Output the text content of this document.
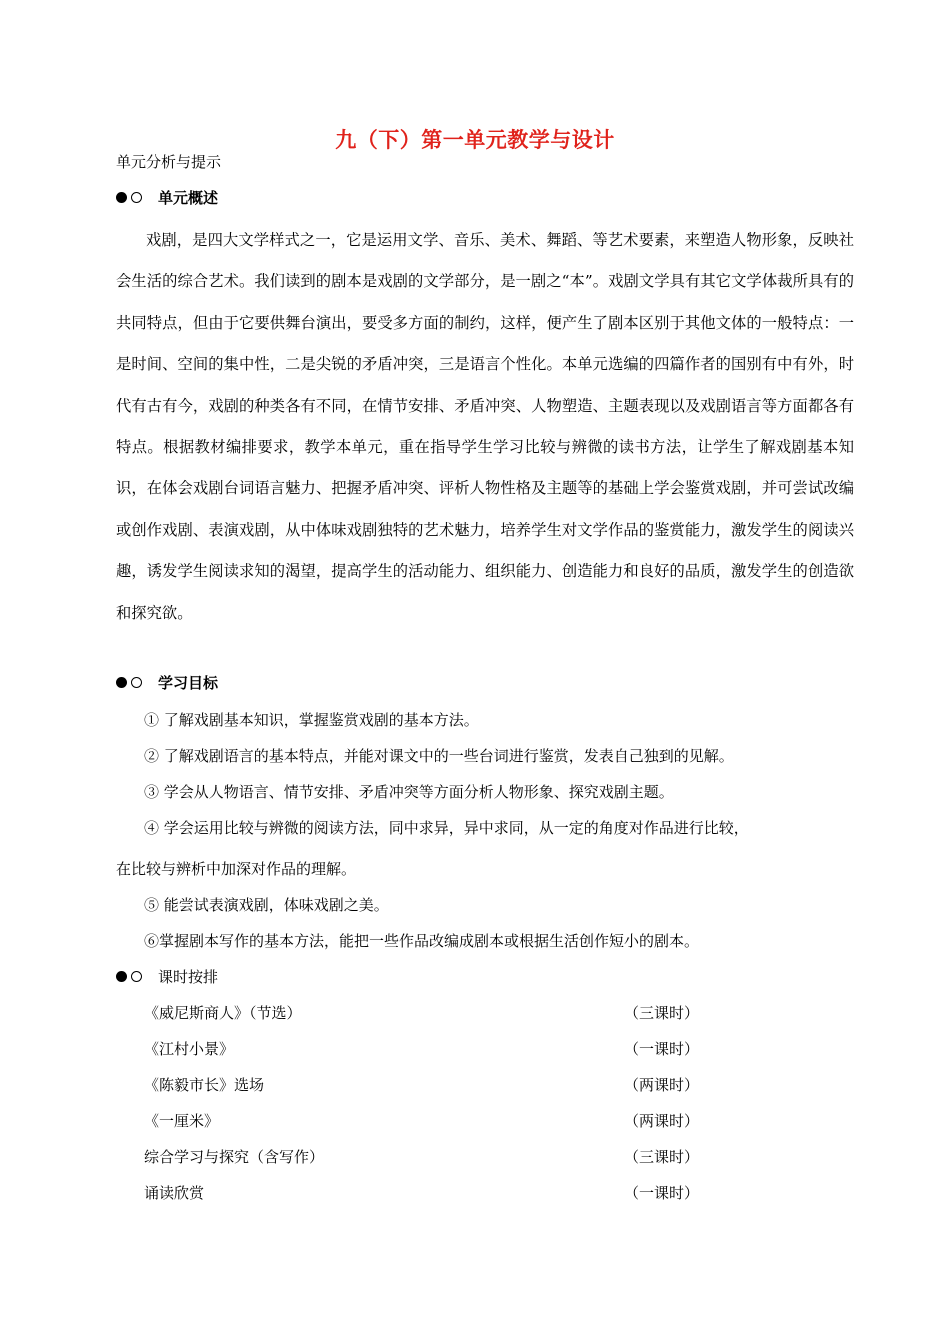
九（下）第一单元教学与设计
单元分析与提示
单元概述

戏剧，是四大文学样式之一，它是运用文学、音乐、美术、舞蹈、等艺术要素，来塑造人物形象，反映社会生活的综合艺术。我们读到的剧本是戏剧的文学部分，是一剧之“本”。戏剧文学具有其它文学体裁所具有的共同特点，但由于它要供舞台演出，要受多方面的制约，这样，便产生了剧本区别于其他文体的一般特点：一是时间、空间的集中性，二是尖锐的矛盾冲突，三是语言个性化。本单元选编的四篇作者的国别有中有外，时代有古有今，戏剧的种类各有不同，在情节安排、矛盾冲突、人物塑造、主题表现以及戏剧语言等方面都各有特点。根据教材编排要求，教学本单元，重在指导学生学习比较与辨微的读书方法，让学生了解戏剧基本知识，在体会戏剧台词语言魅力、把握矛盾冲突、评析人物性格及主题等的基础上学会鉴赏戏剧，并可尝试改编或创作戏剧、表演戏剧，从中体味戏剧独特的艺术魅力，培养学生对文学作品的鉴赏能力，激发学生的阅读兴趣，诱发学生阅读求知的渴望，提高学生的活动能力、组织能力、创造能力和良好的品质，激发学生的创造欲和探究欲。

学习目标

① 了解戏剧基本知识，掌握鉴赏戏剧的基本方法。

② 了解戏剧语言的基本特点，并能对课文中的一些台词进行鉴赏，发表自己独到的见解。

③ 学会从人物语言、情节安排、矛盾冲突等方面分析人物形象、探究戏剧主题。

④ 学会运用比较与辨微的阅读方法，同中求异，异中求同，从一定的角度对作品进行比较，

在比较与辨析中加深对作品的理解。

⑤ 能尝试表演戏剧，体味戏剧之美。

⑥掌握剧本写作的基本方法，能把一些作品改编成剧本或根据生活创作短小的剧本。

课时按排
《威尼斯商人》（节选）	（三课时）
《江村小景》	（一课时）
《陈毅市长》选场	（两课时）
《一厘米》	（两课时）
综合学习与探究（含写作）	（三课时）
诵读欣赏	（一课时）
